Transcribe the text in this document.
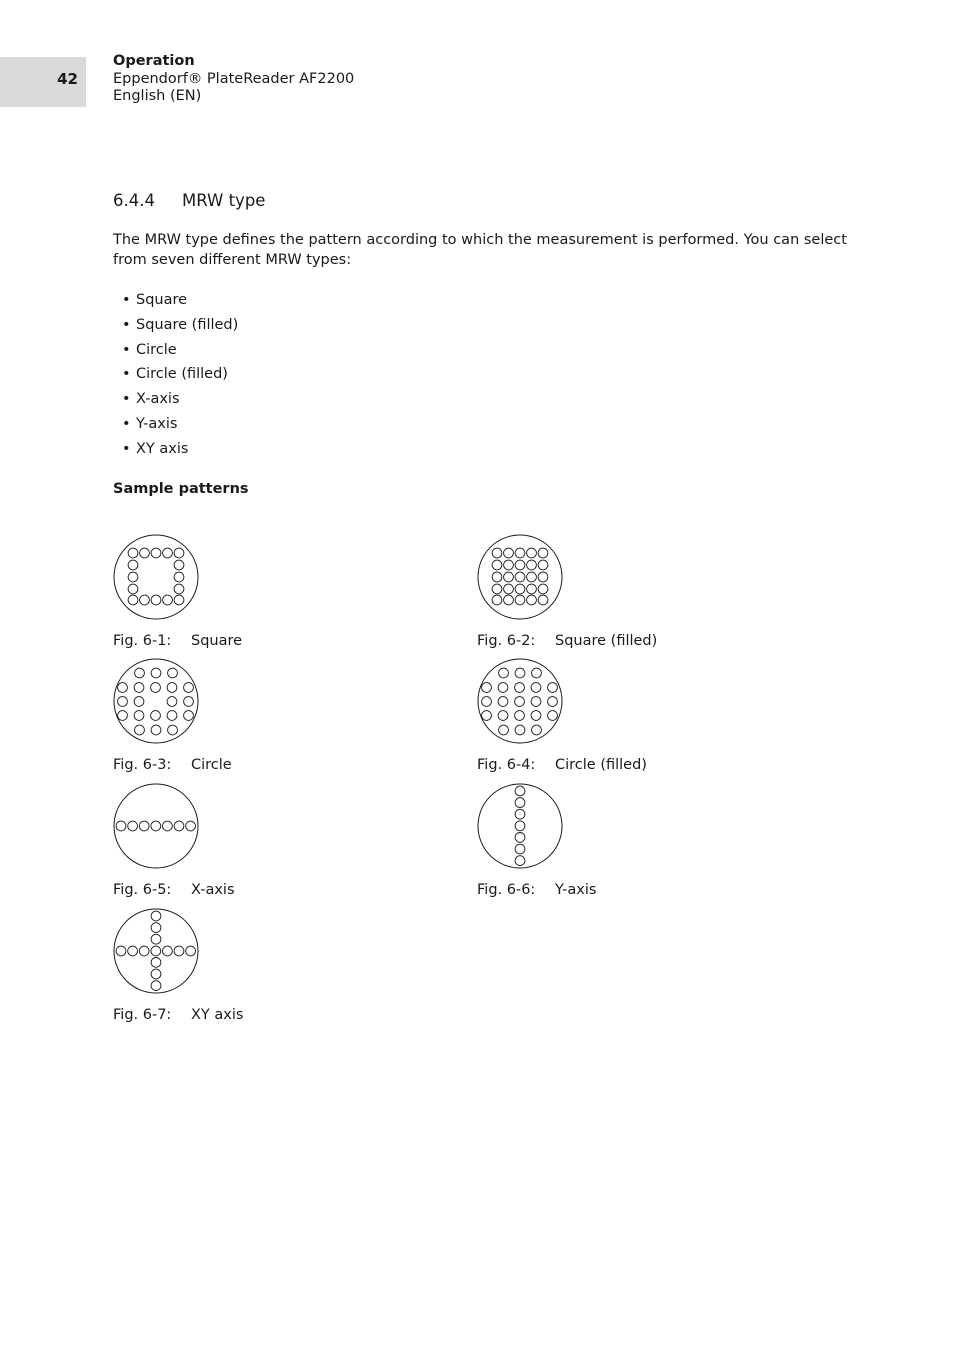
42
Operation
Eppendorf® PlateReader AF2200
English (EN)
6.4.4 MRW type

The MRW type defines the pattern according to which the measurement is performed. You can select from seven different MRW types:

• Square
• Square (filled)
• Circle
• Circle (filled)
• X-axis
• Y-axis
• XY axis
Sample patterns
Fig. 6-1: Square	Fig. 6-2: Square (filled)
Fig. 6-3: Circle	Fig. 6-4: Circle (filled)
Fig. 6-5: X-axis	Fig. 6-6: Y-axis
Fig. 6-7: XY axis
